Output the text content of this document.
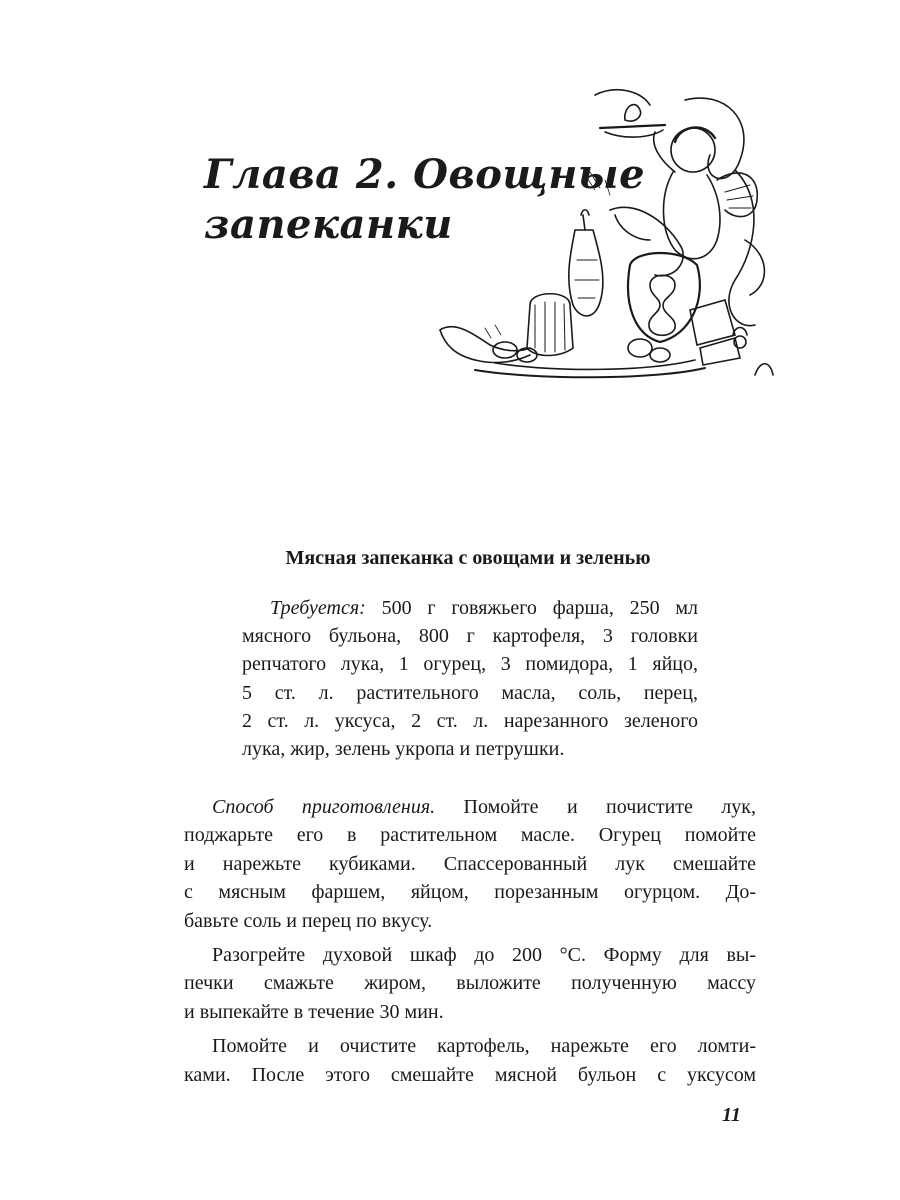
Глава 2. Овощные
запеканки
Мясная запеканка с овощами и зеленью
Требуется: 500 г говяжьего фарша, 250 мл
мясного бульона, 800 г картофеля, 3 головки
репчатого лука, 1 огурец, 3 помидора, 1 яйцо,
5 ст. л. растительного масла, соль, перец,
2 ст. л. уксуса, 2 ст. л. нарезанного зеленого
лука, жир, зелень укропа и петрушки.
Способ приготовления. Помойте и почистите лук,
поджарьте его в растительном масле. Огурец помойте
и нарежьте кубиками. Спассерованный лук смешайте
с мясным фаршем, яйцом, порезанным огурцом. До-
бавьте соль и перец по вкусу.
Разогрейте духовой шкаф до 200 °С. Форму для вы-
печки смажьте жиром, выложите полученную массу
и выпекайте в течение 30 мин.
Помойте и очистите картофель, нарежьте его ломти-
ками. После этого смешайте мясной бульон с уксусом
11
